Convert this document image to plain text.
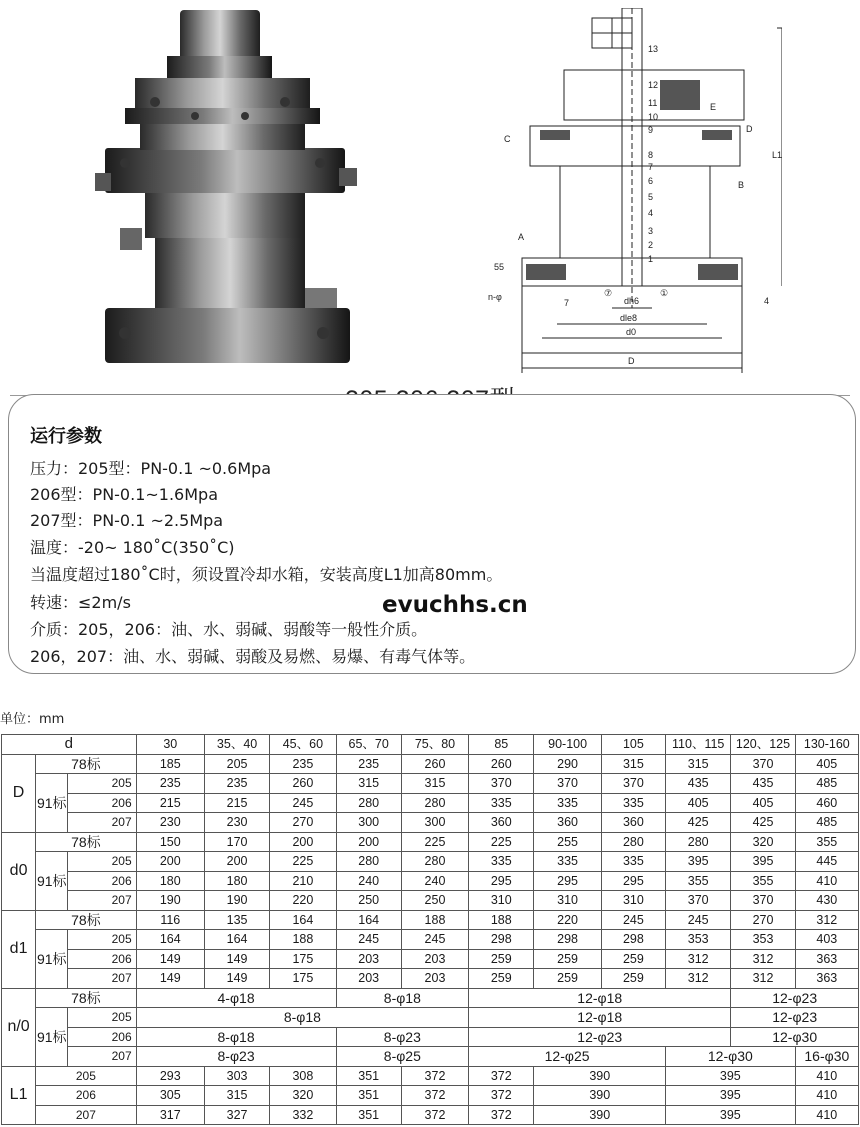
13
12
11
10
9
8
7
6
5
4
3
2
1
L1
C
D
E
B
A
55
n-φ
7	dh6
dle8
d0
D
4
⑦	①
运行参数
压力：205型：PN-0.1 ~0.6Mpa
206型：PN-0.1~1.6Mpa
207型：PN-0.1 ~2.5Mpa
温度：-20~ 180˚C(350˚C)
当温度超过180˚C时，须设置冷却水箱，安装高度L1加高80mm。
转速：≤2m/s
介质：205，206：油、水、弱碱、弱酸等一般性介质。
206，207：油、水、弱碱、弱酸及易燃、易爆、有毒气体等。
evuchhs.cn
单位：mm
d			30	35、40	45、60	65、70	75、80	85	90-100	105	110、115	120、125	130-160
D	78标		185	205	235	235	260	260	290	315	315	370	405
	91标	205	235	235	260	315	315	370	370	370	435	435	485
		206	215	215	245	280	280	335	335	335	405	405	460
		207	230	230	270	300	300	360	360	360	425	425	485
d0	78标		150	170	200	200	225	225	255	280	280	320	355
	91标	205	200	200	225	280	280	335	335	335	395	395	445
		206	180	180	210	240	240	295	295	295	355	355	410
		207	190	190	220	250	250	310	310	310	370	370	430
d1	78标		116	135	164	164	188	188	220	245	245	270	312
	91标	205	164	164	188	245	245	298	298	298	353	353	403
		206	149	149	175	203	203	259	259	259	312	312	363
		207	149	149	175	203	203	259	259	259	312	312	363
n/0	78标		4-φ18			8-φ18		12-φ18				12-φ23	
	91标	205	8-φ18					12-φ18				12-φ23	
		206	8-φ18			8-φ23		12-φ23				12-φ30	
		207	8-φ23			8-φ25		12-φ25			12-φ30		16-φ30
L1	205		293	303	308	351	372	372	390		395		410
	206		305	315	320	351	372	372	390		395		410
	207		317	327	332	351	372	372	390		395		410
